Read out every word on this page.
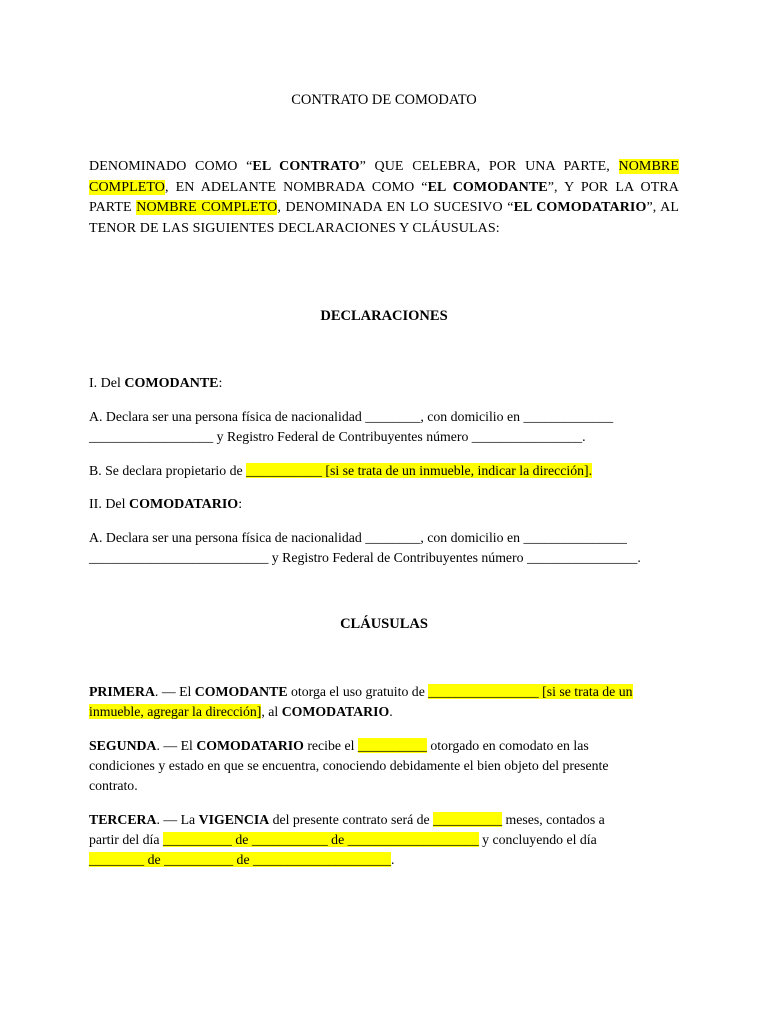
CONTRATO DE COMODATO
DENOMINADO COMO “EL CONTRATO” QUE CELEBRA, POR UNA PARTE, NOMBRE COMPLETO, EN ADELANTE NOMBRADA COMO “EL COMODANTE”, Y POR LA OTRA PARTE NOMBRE COMPLETO, DENOMINADA EN LO SUCESIVO “EL COMODATARIO”, AL TENOR DE LAS SIGUIENTES DECLARACIONES Y CLÁUSULAS:
DECLARACIONES
I. Del COMODANTE:
A. Declara ser una persona física de nacionalidad ________, con domicilio en _____________
__________________ y Registro Federal de Contribuyentes número ________________.
B. Se declara propietario de ___________ [si se trata de un inmueble, indicar la dirección].
II. Del COMODATARIO:
A. Declara ser una persona física de nacionalidad ________, con domicilio en _______________
__________________________ y Registro Federal de Contribuyentes número ________________.
CLÁUSULAS
PRIMERA. — El COMODANTE otorga el uso gratuito de ________________ [si se trata de un
inmueble, agregar la dirección], al COMODATARIO.
SEGUNDA. — El COMODATARIO recibe el __________ otorgado en comodato en las
condiciones y estado en que se encuentra, conociendo debidamente el bien objeto del presente
contrato.
TERCERA. — La VIGENCIA del presente contrato será de __________ meses, contados a
partir del día __________ de ___________ de ___________________ y concluyendo el día
________ de __________ de ____________________.
